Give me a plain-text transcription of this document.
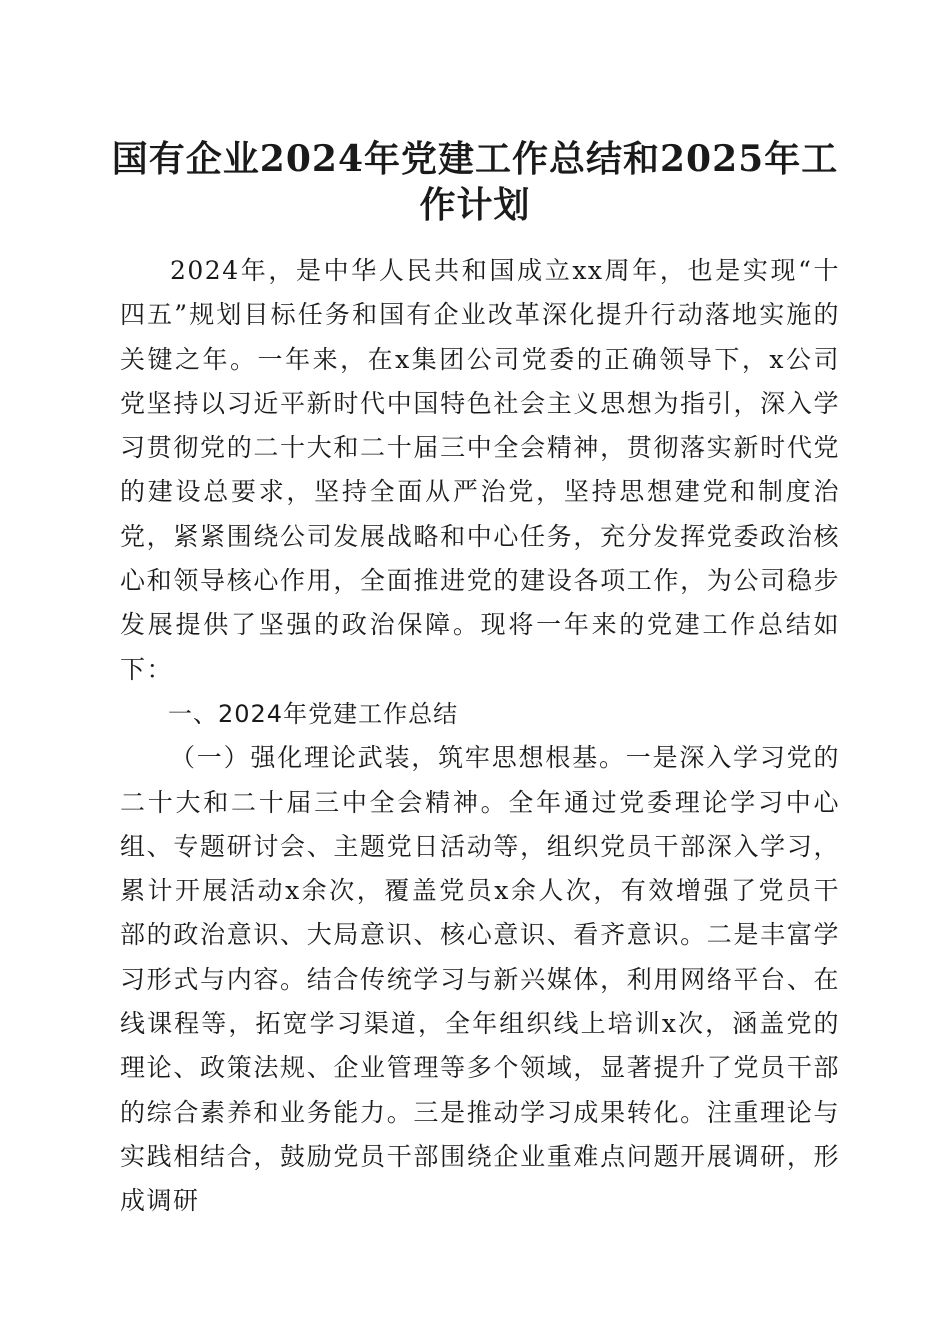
国有企业2024年党建工作总结和2025年工作计划

2024年，是中华人民共和国成立xx周年，也是实现“十四五”规划目标任务和国有企业改革深化提升行动落地实施的关键之年。一年来，在x集团公司党委的正确领导下，x公司党坚持以习近平新时代中国特色社会主义思想为指引，深入学习贯彻党的二十大和二十届三中全会精神，贯彻落实新时代党的建设总要求，坚持全面从严治党，坚持思想建党和制度治党，紧紧围绕公司发展战略和中心任务，充分发挥党委政治核心和领导核心作用，全面推进党的建设各项工作，为公司稳步发展提供了坚强的政治保障。现将一年来的党建工作总结如下：

一、2024年党建工作总结

（一）强化理论武装，筑牢思想根基。一是深入学习党的二十大和二十届三中全会精神。全年通过党委理论学习中心组、专题研讨会、主题党日活动等，组织党员干部深入学习，累计开展活动x余次，覆盖党员x余人次，有效增强了党员干部的政治意识、大局意识、核心意识、看齐意识。二是丰富学习形式与内容。结合传统学习与新兴媒体，利用网络平台、在线课程等，拓宽学习渠道，全年组织线上培训x次，涵盖党的理论、政策法规、企业管理等多个领域，显著提升了党员干部的综合素养和业务能力。三是推动学习成果转化。注重理论与实践相结合，鼓励党员干部围绕企业重难点问题开展调研，形成调研
